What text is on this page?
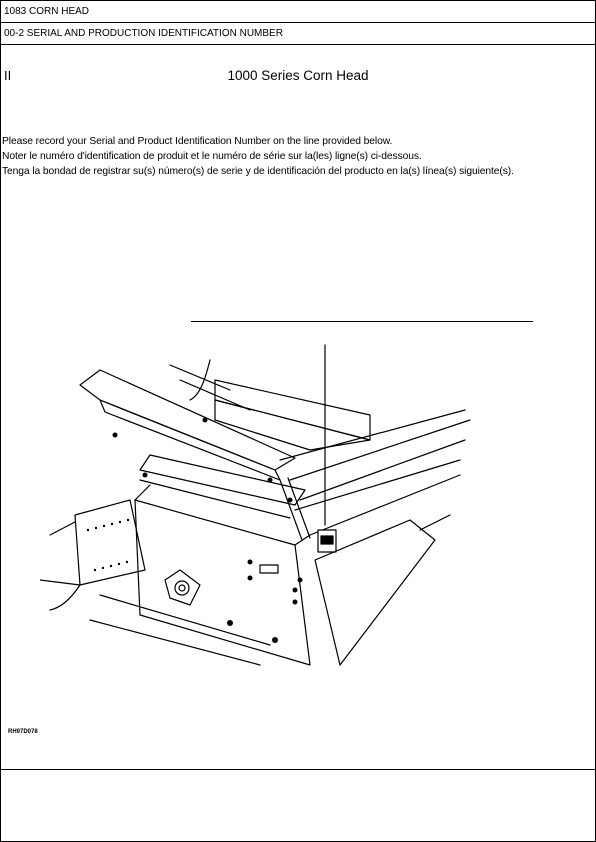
1083 CORN HEAD
00-2 SERIAL AND PRODUCTION IDENTIFICATION NUMBER
II	1000 Series Corn Head
Please record your Serial and Product Identification Number on the line provided below.
Noter le numéro d'identification de produit et le numéro de série sur la(les) ligne(s) ci-dessous.
Tenga la bondad de registrar su(s) número(s) de serie y de identificación del producto en la(s) línea(s) siguiente(s).
RH97D078
